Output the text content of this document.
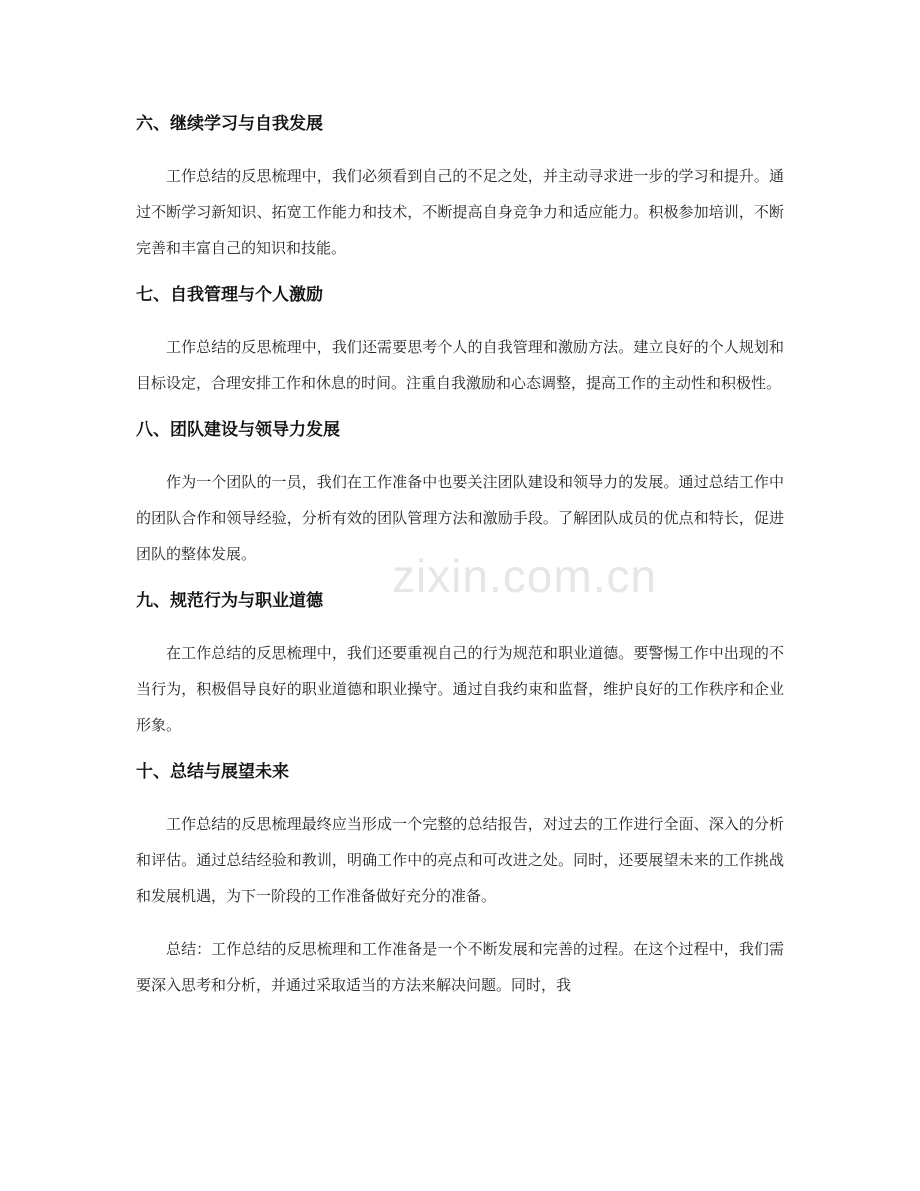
六、继续学习与自我发展

工作总结的反思梳理中，我们必须看到自己的不足之处，并主动寻求进一步的学习和提升。通过不断学习新知识、拓宽工作能力和技术，不断提高自身竞争力和适应能力。积极参加培训，不断完善和丰富自己的知识和技能。

七、自我管理与个人激励

工作总结的反思梳理中，我们还需要思考个人的自我管理和激励方法。建立良好的个人规划和目标设定，合理安排工作和休息的时间。注重自我激励和心态调整，提高工作的主动性和积极性。

八、团队建设与领导力发展

作为一个团队的一员，我们在工作准备中也要关注团队建设和领导力的发展。通过总结工作中的团队合作和领导经验，分析有效的团队管理方法和激励手段。了解团队成员的优点和特长，促进团队的整体发展。

九、规范行为与职业道德

在工作总结的反思梳理中，我们还要重视自己的行为规范和职业道德。要警惕工作中出现的不当行为，积极倡导良好的职业道德和职业操守。通过自我约束和监督，维护良好的工作秩序和企业形象。

十、总结与展望未来

工作总结的反思梳理最终应当形成一个完整的总结报告，对过去的工作进行全面、深入的分析和评估。通过总结经验和教训，明确工作中的亮点和可改进之处。同时，还要展望未来的工作挑战和发展机遇，为下一阶段的工作准备做好充分的准备。

总结：工作总结的反思梳理和工作准备是一个不断发展和完善的过程。在这个过程中，我们需要深入思考和分析，并通过采取适当的方法来解决问题。同时，我

zixin.com.cn
